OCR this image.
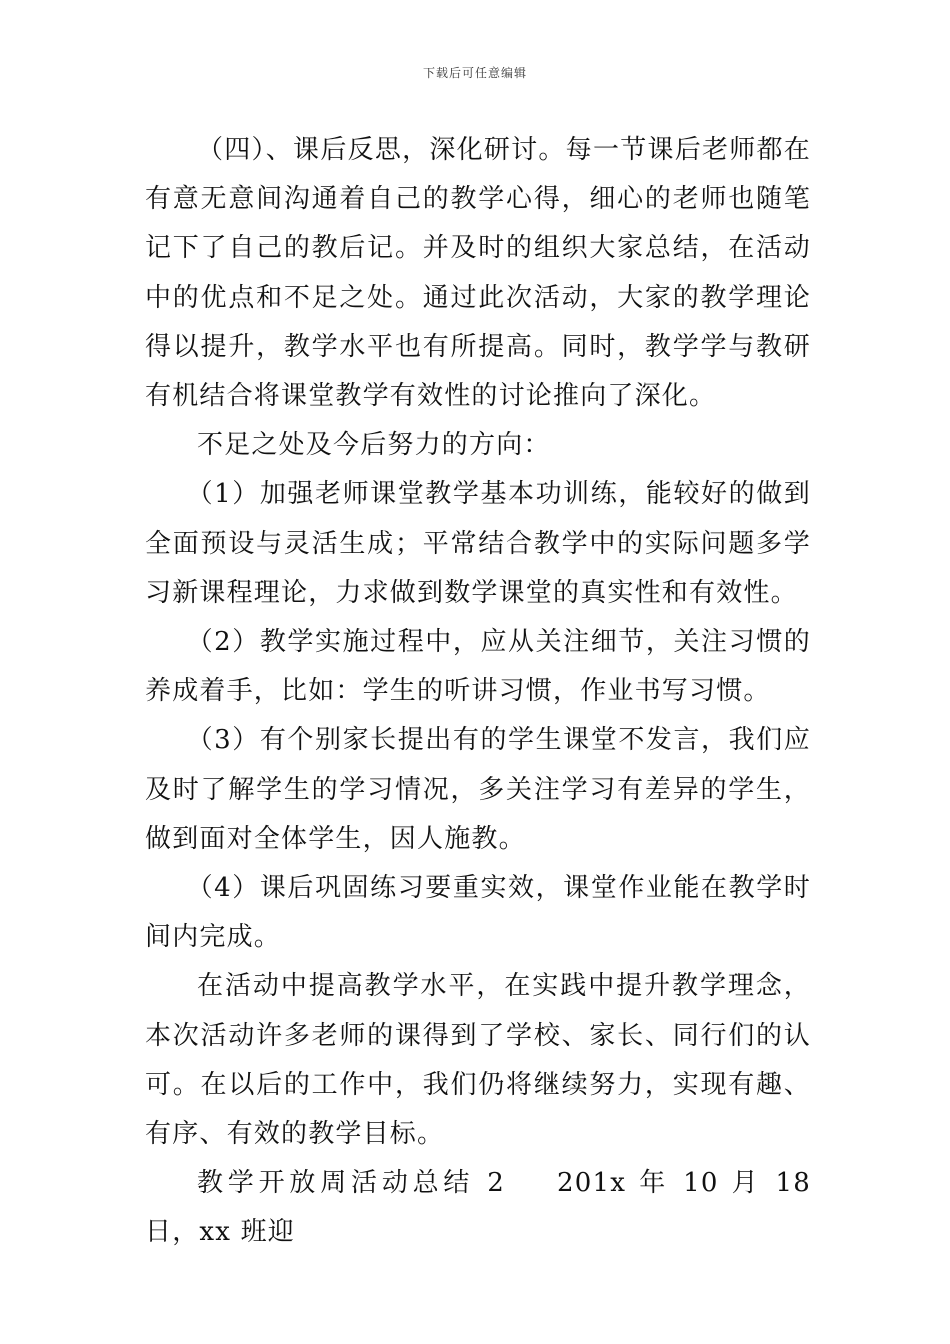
下载后可任意编辑

（四）、课后反思，深化研讨。每一节课后老师都在有意无意间沟通着自己的教学心得，细心的老师也随笔记下了自己的教后记。并及时的组织大家总结，在活动中的优点和不足之处。通过此次活动，大家的教学理论得以提升，教学水平也有所提高。同时，教学学与教研有机结合将课堂教学有效性的讨论推向了深化。

不足之处及今后努力的方向：

（1）加强老师课堂教学基本功训练，能较好的做到全面预设与灵活生成；平常结合教学中的实际问题多学习新课程理论，力求做到数学课堂的真实性和有效性。

（2）教学实施过程中，应从关注细节，关注习惯的养成着手，比如：学生的听讲习惯，作业书写习惯。

（3）有个别家长提出有的学生课堂不发言，我们应及时了解学生的学习情况，多关注学习有差异的学生，做到面对全体学生，因人施教。

（4）课后巩固练习要重实效，课堂作业能在教学时间内完成。

在活动中提高教学水平，在实践中提升教学理念，本次活动许多老师的课得到了学校、家长、同行们的认可。在以后的工作中，我们仍将继续努力，实现有趣、有序、有效的教学目标。

教学开放周活动总结 2 201x 年 10 月 18 日，xx 班迎
